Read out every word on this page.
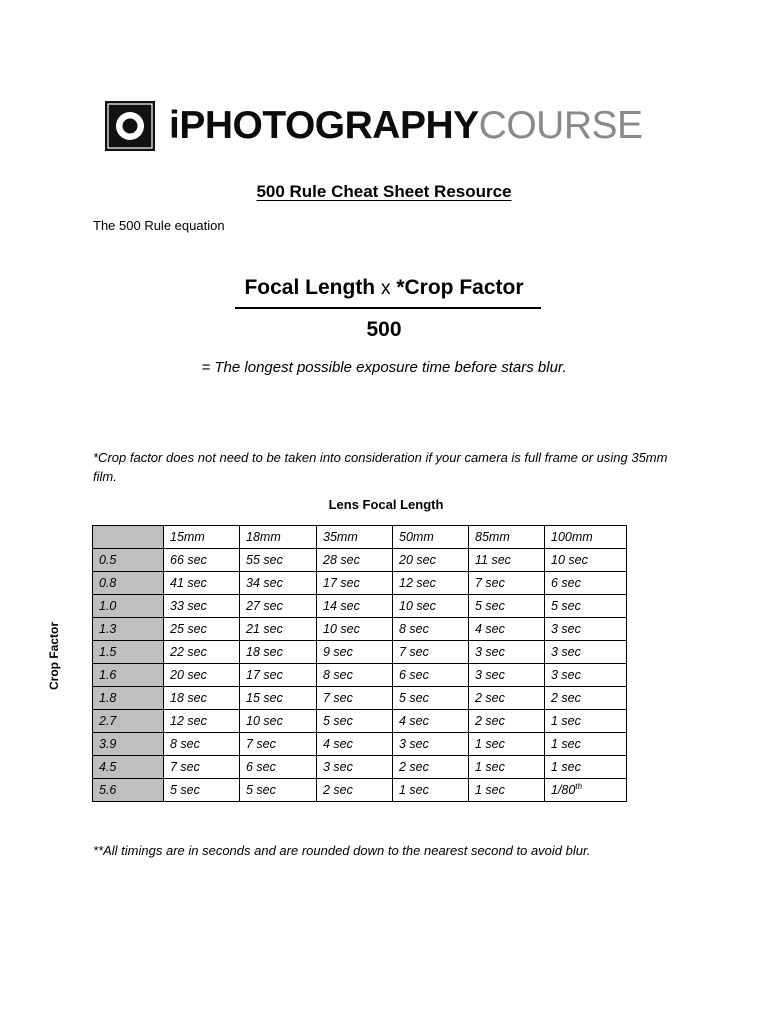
iPHOTOGRAPHYCOURSE
500 Rule Cheat Sheet Resource
The 500 Rule equation
Focal Length x *Crop Factor
500
= The longest possible exposure time before stars blur.
*Crop factor does not need to be taken into consideration if your camera is full frame or using 35mm film.
Lens Focal Length
Crop Factor
	15mm	18mm	35mm	50mm	85mm	100mm
0.5	66 sec	55 sec	28 sec	20 sec	11 sec	10 sec
0.8	41 sec	34 sec	17 sec	12 sec	7 sec	6 sec
1.0	33 sec	27 sec	14 sec	10 sec	5 sec	5 sec
1.3	25 sec	21 sec	10 sec	8 sec	4 sec	3 sec
1.5	22 sec	18 sec	9 sec	7 sec	3 sec	3 sec
1.6	20 sec	17 sec	8 sec	6 sec	3 sec	3 sec
1.8	18 sec	15 sec	7 sec	5 sec	2 sec	2 sec
2.7	12 sec	10 sec	5 sec	4 sec	2 sec	1 sec
3.9	8 sec	7 sec	4 sec	3 sec	1 sec	1 sec
4.5	7 sec	6 sec	3 sec	2 sec	1 sec	1 sec
5.6	5 sec	5 sec	2 sec	1 sec	1 sec	1/80th
**All timings are in seconds and are rounded down to the nearest second to avoid blur.
